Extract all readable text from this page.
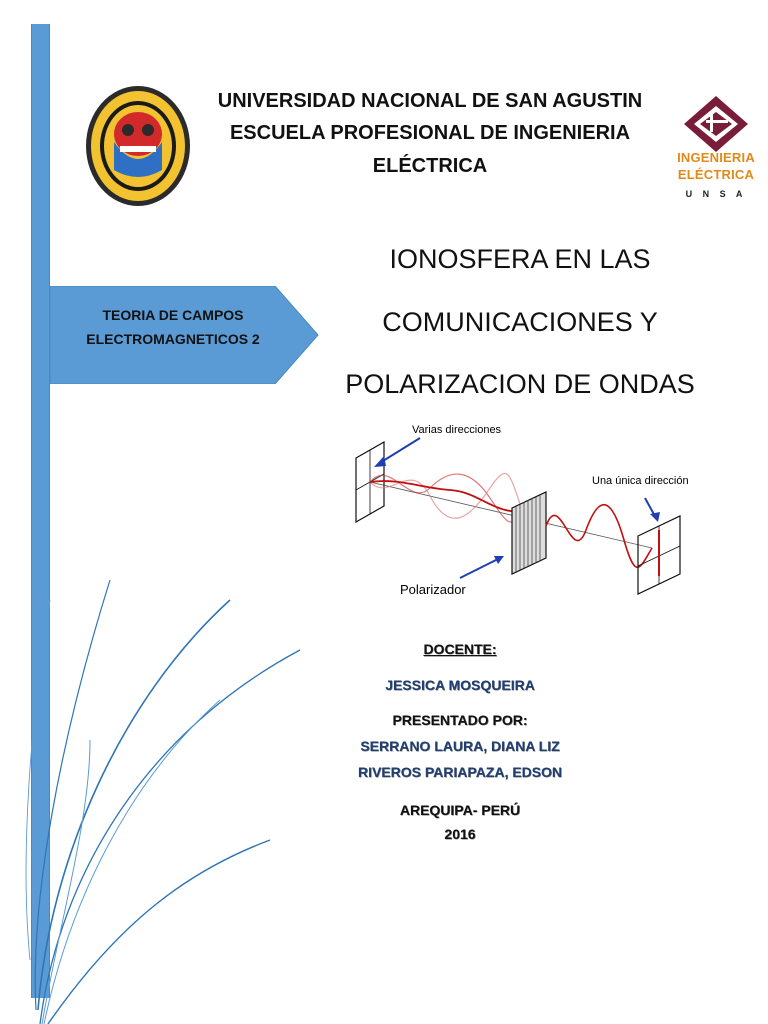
UNIVERSIDAD NACIONAL DE SAN AGUSTIN
ESCUELA PROFESIONAL DE INGENIERIA
ELÉCTRICA	INGENIERIA
ELÉCTRICA
U N S A
TEORIA DE CAMPOS
ELECTROMAGNETICOS 2
IONOSFERA EN LAS
COMUNICACIONES Y
POLARIZACION DE ONDAS
Varias direcciones
Una única dirección
Polarizador
DOCENTE:
JESSICA MOSQUEIRA
PRESENTADO POR:
SERRANO LAURA, DIANA LIZ
RIVEROS PARIAPAZA, EDSON
AREQUIPA- PERÚ
2016
